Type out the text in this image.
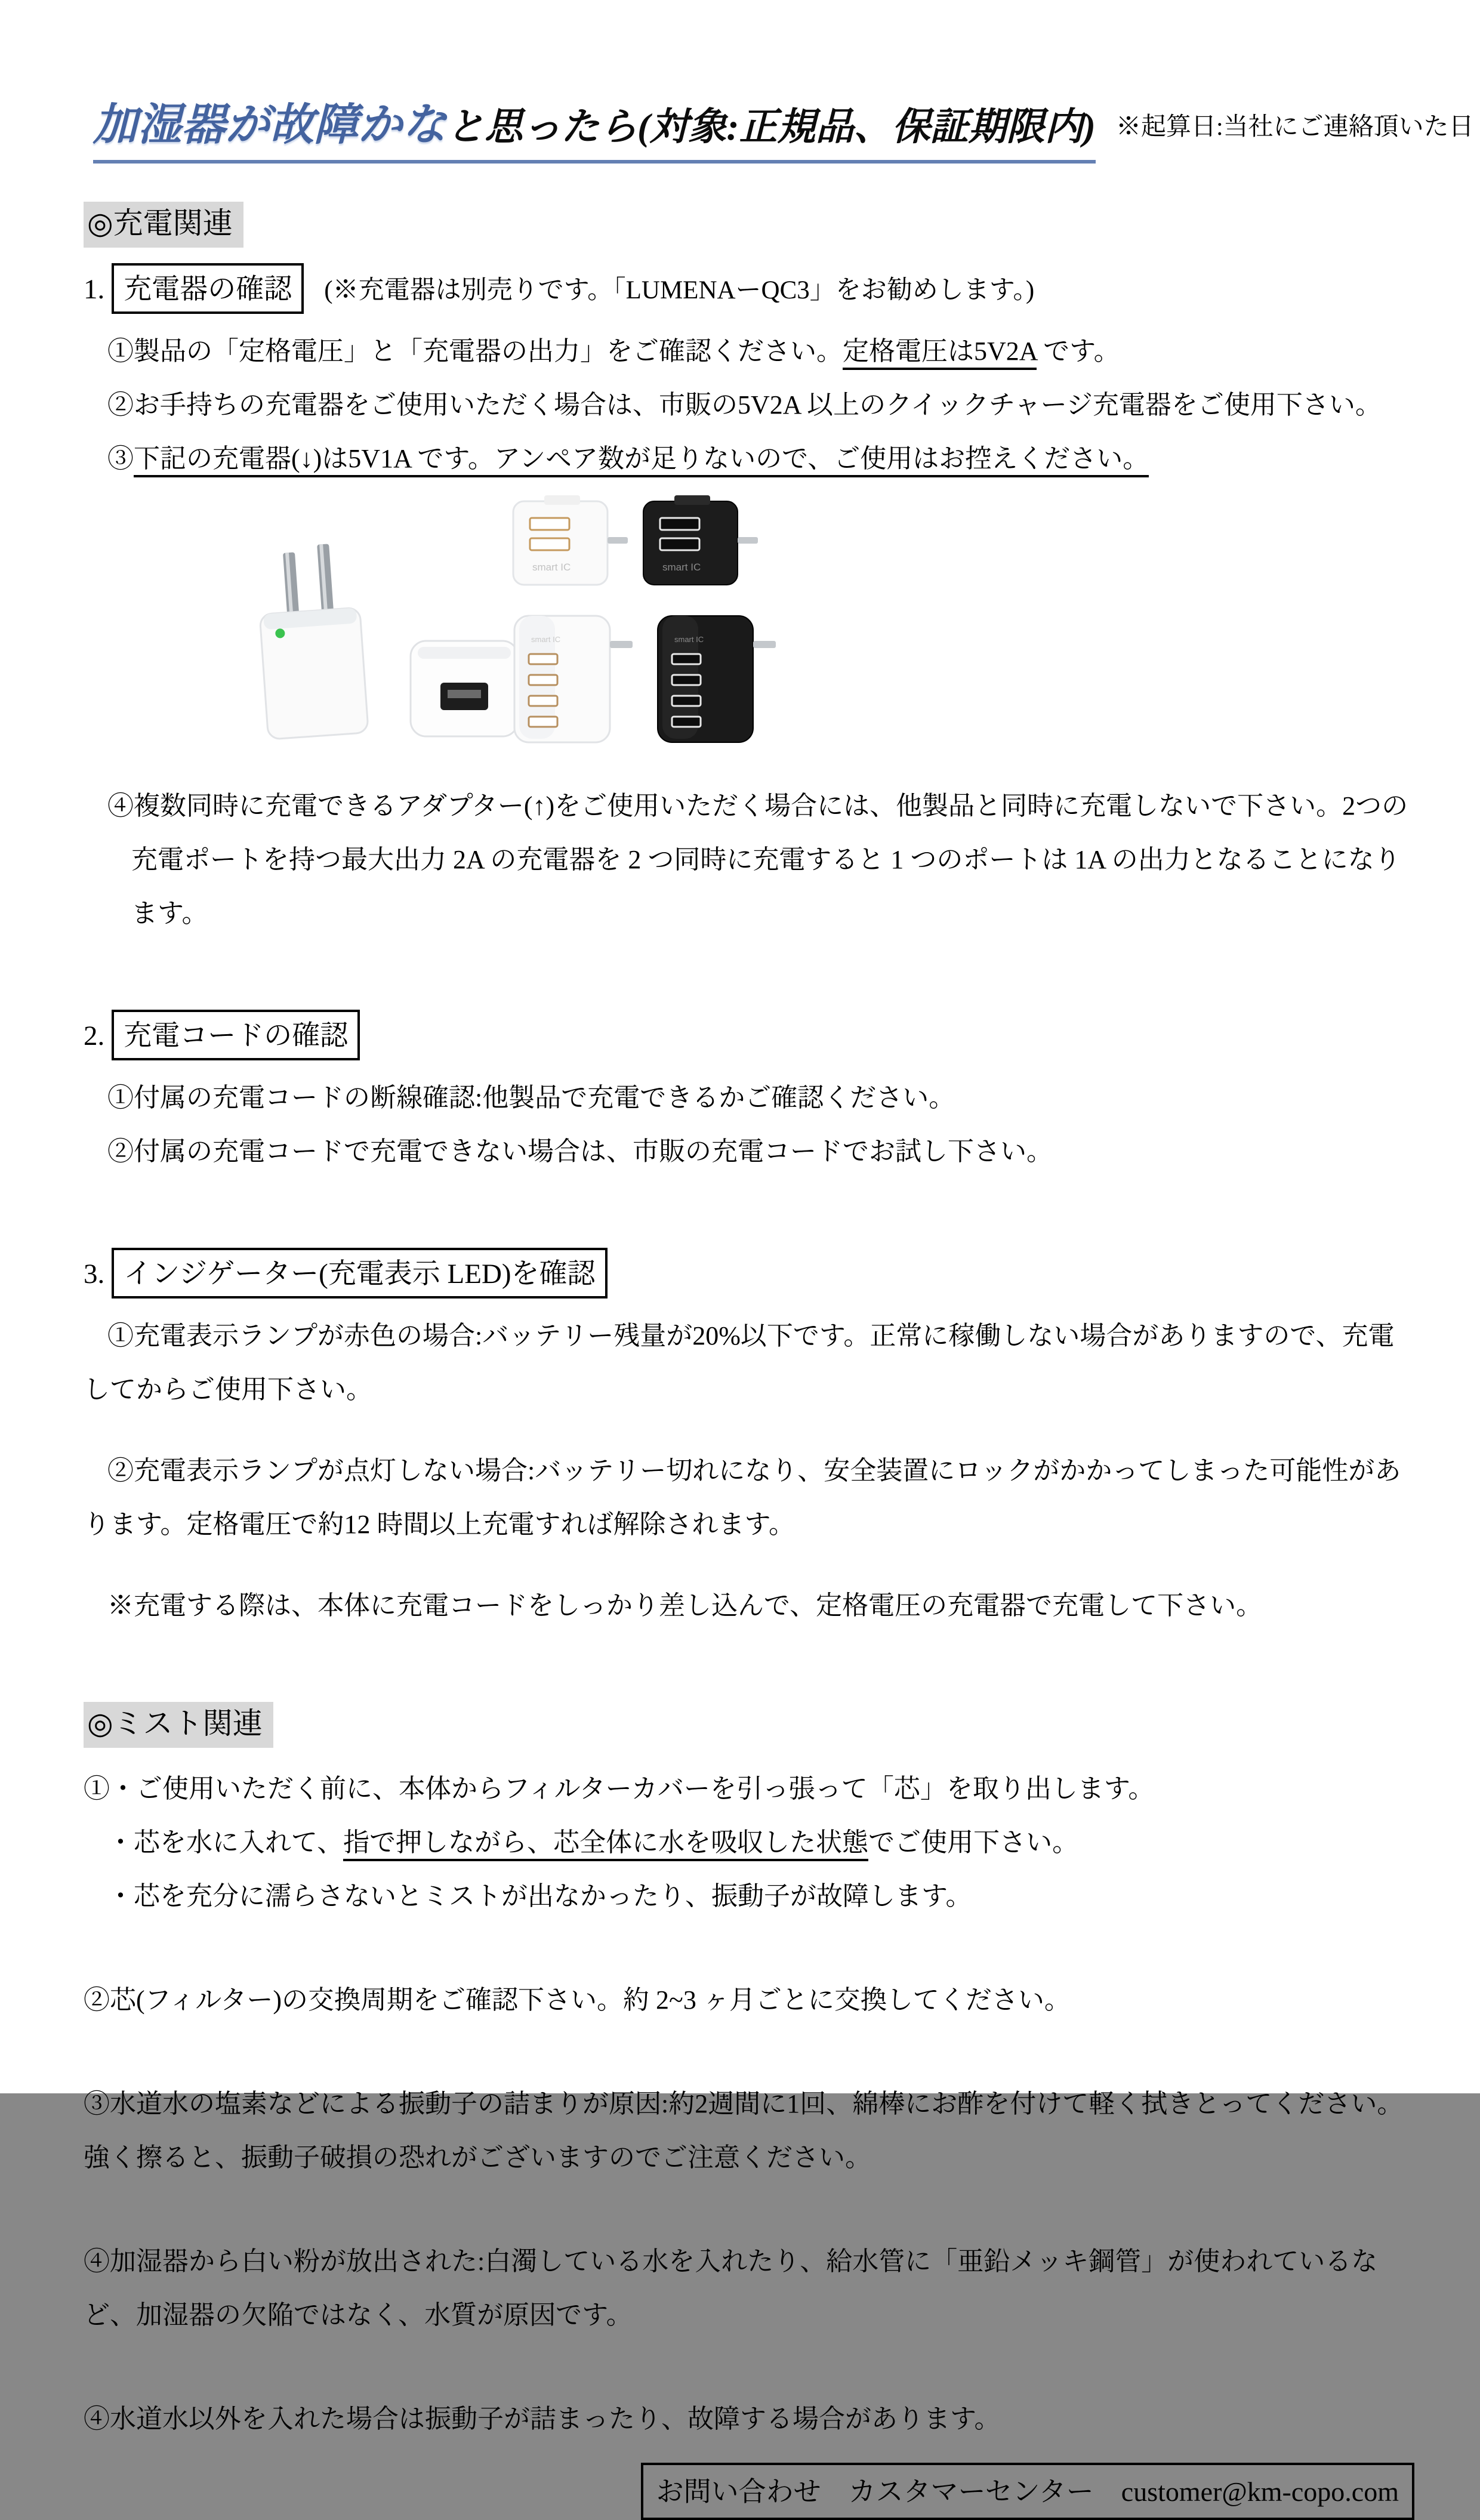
加湿器が故障かなと思ったら(対象:正規品、保証期限内)※起算日:当社にご連絡頂いた日
◎充電関連
1. 充電器の確認 (※充電器は別売りです。「LUMENAーQC3」をお勧めします。)

①製品の「定格電圧」と「充電器の出力」をご確認ください。定格電圧は5V2A です。

②お手持ちの充電器をご使用いただく場合は、市販の5V2A 以上のクイックチャージ充電器をご使用下さい。

③下記の充電器(↓)は5V1A です。アンペア数が足りないので、ご使用はお控えください。

smart IC	smart IC
smart IC	smart IC

④複数同時に充電できるアダプター(↑)をご使用いただく場合には、他製品と同時に充電しないで下さい。2つの充電ポートを持つ最大出力 2A の充電器を 2 つ同時に充電すると 1 つのポートは 1A の出力となることになります。

2. 充電コードの確認

①付属の充電コードの断線確認:他製品で充電できるかご確認ください。

②付属の充電コードで充電できない場合は、市販の充電コードでお試し下さい。

3. インジゲーター(充電表示 LED)を確認

①充電表示ランプが赤色の場合:バッテリー残量が20%以下です。正常に稼働しない場合がありますので、充電してからご使用下さい。

②充電表示ランプが点灯しない場合:バッテリー切れになり、安全装置にロックがかかってしまった可能性があります。定格電圧で約12 時間以上充電すれば解除されます。

※充電する際は、本体に充電コードをしっかり差し込んで、定格電圧の充電器で充電して下さい。

◎ミスト関連

①・ご使用いただく前に、本体からフィルターカバーを引っ張って「芯」を取り出します。

・芯を水に入れて、指で押しながら、芯全体に水を吸収した状態でご使用下さい。

・芯を充分に濡らさないとミストが出なかったり、振動子が故障します。

②芯(フィルター)の交換周期をご確認下さい。約 2~3 ヶ月ごとに交換してください。

③水道水の塩素などによる振動子の詰まりが原因:約2週間に1回、綿棒にお酢を付けて軽く拭きとってください。強く擦ると、振動子破損の恐れがございますのでご注意ください。

④加湿器から白い粉が放出された:白濁している水を入れたり、給水管に「亜鉛メッキ鋼管」が使われているなど、加湿器の欠陥ではなく、水質が原因です。

④水道水以外を入れた場合は振動子が詰まったり、故障する場合があります。

お問い合わせ　カスタマーセンター　customer@km-copo.com
